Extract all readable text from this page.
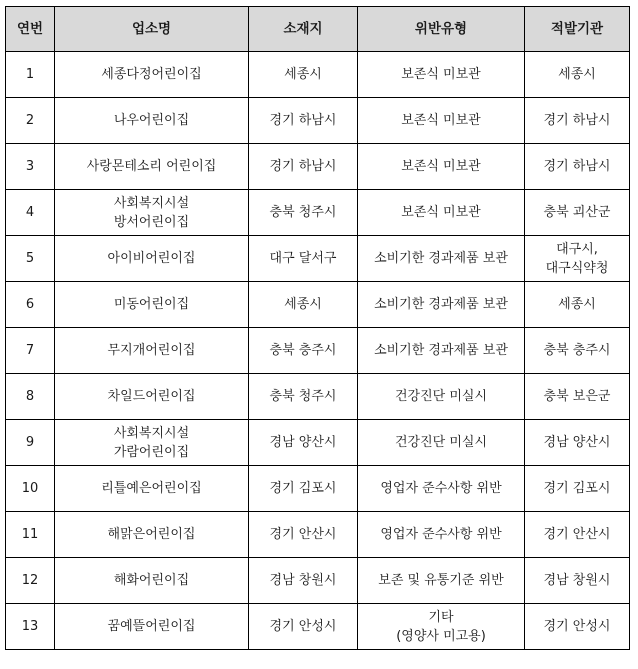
연번	업소명	소재지	위반유형	적발기관
1	세종다정어린이집	세종시	보존식 미보관	세종시
2	나우어린이집	경기 하남시	보존식 미보관	경기 하남시
3	사랑몬테소리 어린이집	경기 하남시	보존식 미보관	경기 하남시
4	사회복지시설
방서어린이집	충북 청주시	보존식 미보관	충북 괴산군
5	아이비어린이집	대구 달서구	소비기한 경과제품 보관	대구시,
대구식약청
6	미동어린이집	세종시	소비기한 경과제품 보관	세종시
7	무지개어린이집	충북 충주시	소비기한 경과제품 보관	충북 충주시
8	차일드어린이집	충북 청주시	건강진단 미실시	충북 보은군
9	사회복지시설
가람어린이집	경남 양산시	건강진단 미실시	경남 양산시
10	리틀예은어린이집	경기 김포시	영업자 준수사항 위반	경기 김포시
11	해맑은어린이집	경기 안산시	영업자 준수사항 위반	경기 안산시
12	해화어린이집	경남 창원시	보존 및 유통기준 위반	경남 창원시
13	꿈예뜰어린이집	경기 안성시	기타
(영양사 미고용)	경기 안성시
